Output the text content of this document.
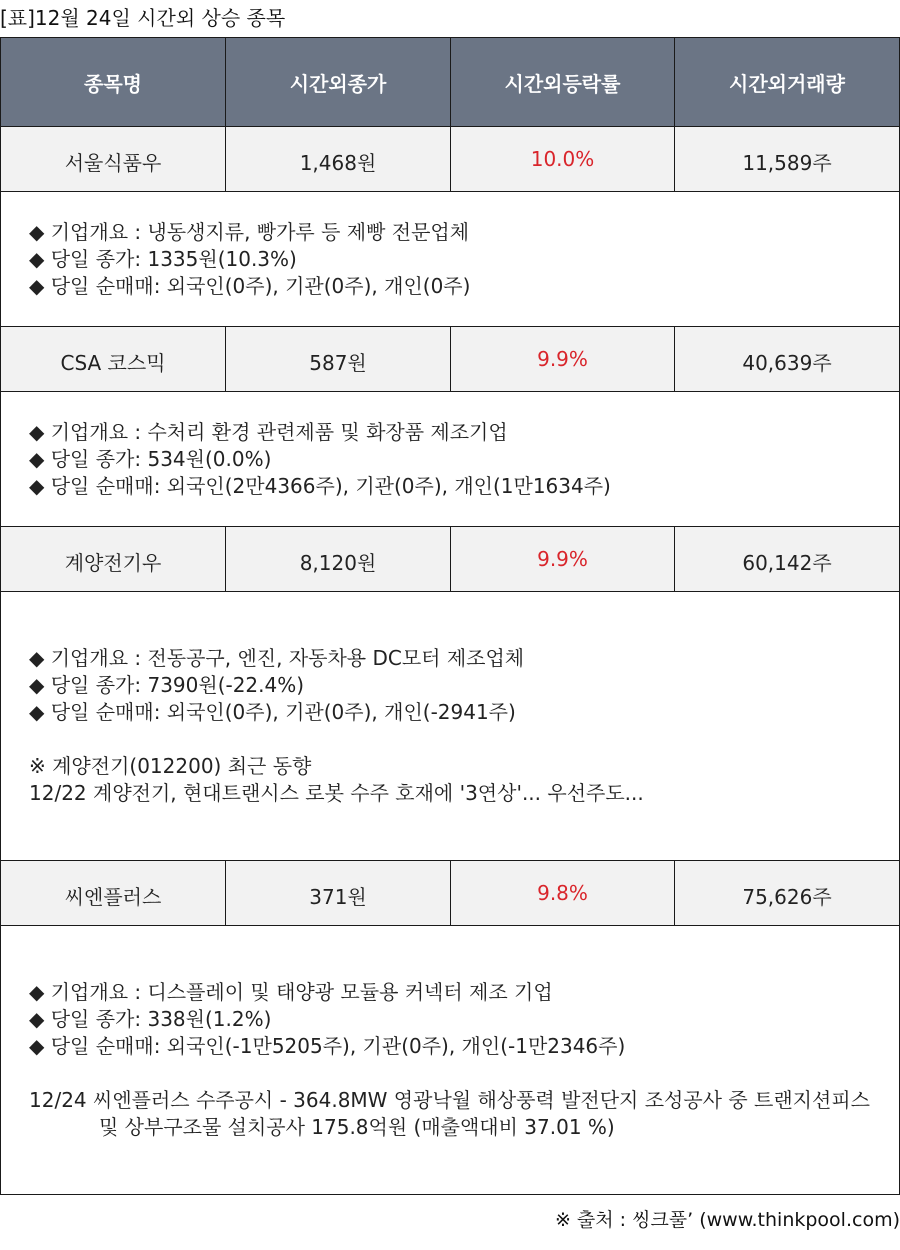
[표]12월 24일 시간외 상승 종목
종목명	시간외종가	시간외등락률	시간외거래량
서울식품우	1,468원	10.0%	11,589주

◆ 기업개요 : 냉동생지류, 빵가루 등 제빵 전문업체
◆ 당일 종가: 1335원(10.3%)
◆ 당일 순매매: 외국인(0주), 기관(0주), 개인(0주)			

CSA 코스믹	587원	9.9%	40,639주

◆ 기업개요 : 수처리 환경 관련제품 및 화장품 제조기업
◆ 당일 종가: 534원(0.0%)
◆ 당일 순매매: 외국인(2만4366주), 기관(0주), 개인(1만1634주)			

계양전기우	8,120원	9.9%	60,142주

◆ 기업개요 : 전동공구, 엔진, 자동차용 DC모터 제조업체
◆ 당일 종가: 7390원(-22.4%)
◆ 당일 순매매: 외국인(0주), 기관(0주), 개인(-2941주)
※ 계양전기(012200) 최근 동향
12/22 계양전기, 현대트랜시스 로봇 수주 호재에 '3연상'... 우선주도...			

씨엔플러스	371원	9.8%	75,626주

◆ 기업개요 : 디스플레이 및 태양광 모듈용 커넥터 제조 기업
◆ 당일 종가: 338원(1.2%)
◆ 당일 순매매: 외국인(-1만5205주), 기관(0주), 개인(-1만2346주)
12/24 씨엔플러스 수주공시 - 364.8MW 영광낙월 해상풍력 발전단지 조성공사 중 트랜지션피스 및 상부구조물 설치공사 175.8억원 (매출액대비 37.01 %)			
※ 출처 : 씽크풀’ (www.thinkpool.com)
